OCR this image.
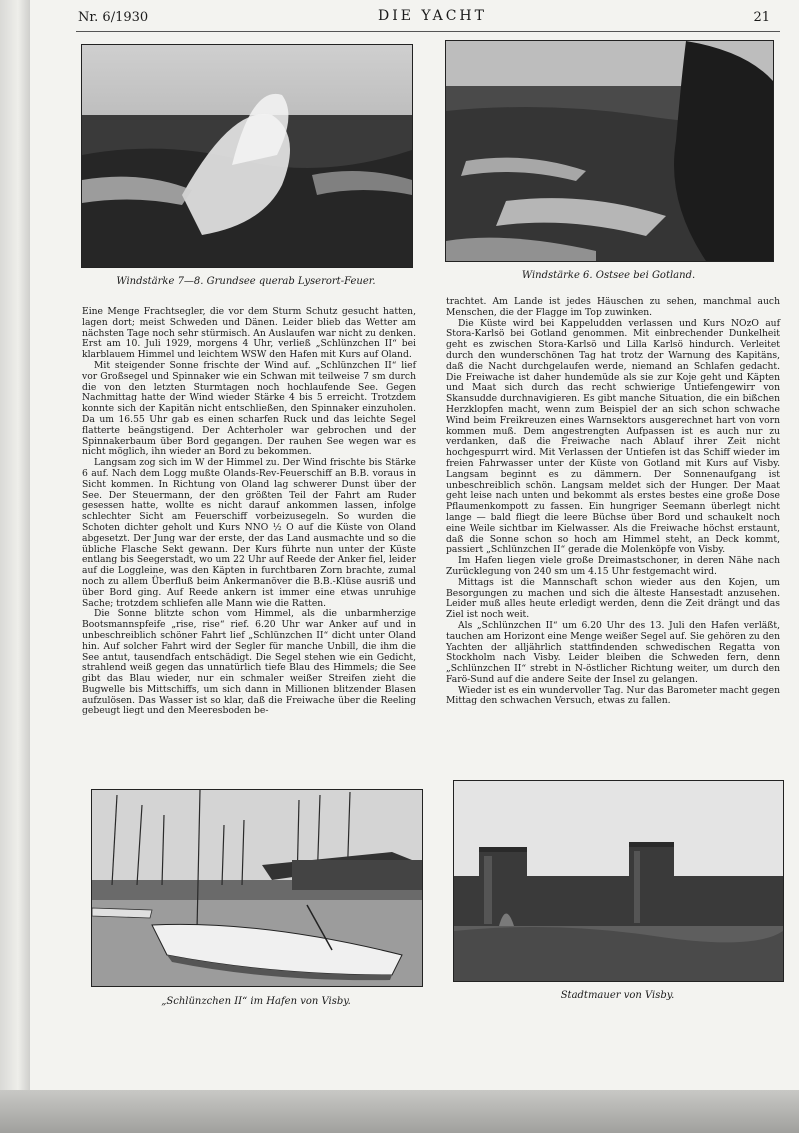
Nr. 6/1930	DIE YACHT	21
Windstärke 7—8. Grundsee querab Lyserort-Feuer.
Windstärke 6. Ostsee bei Gotland.

Eine Menge Frachtsegler, die vor dem Sturm Schutz gesucht hatten, lagen dort; meist Schweden und Dänen. Leider blieb das Wetter am nächsten Tage noch sehr stürmisch. An Auslaufen war nicht zu denken. Erst am 10. Juli 1929, morgens 4 Uhr, verließ „Schlünzchen II“ bei klarblauem Himmel und leichtem WSW den Hafen mit Kurs auf Oland.

Mit steigender Sonne frischte der Wind auf. „Schlünzchen II“ lief vor Großsegel und Spinnaker wie ein Schwan mit teilweise 7 sm durch die von den letzten Sturmtagen noch hochlaufende See. Gegen Nachmittag hatte der Wind wieder Stärke 4 bis 5 erreicht. Trotzdem konnte sich der Kapitän nicht entschließen, den Spinnaker einzuholen. Da um 16.55 Uhr gab es einen scharfen Ruck und das leichte Segel flatterte beängstigend. Der Achterholer war gebrochen und der Spinnakerbaum über Bord gegangen. Der rauhen See wegen war es nicht möglich, ihn wieder an Bord zu bekommen.

Langsam zog sich im W der Himmel zu. Der Wind frischte bis Stärke 6 auf. Nach dem Logg mußte Olands-Rev-Feuerschiff an B.B. voraus in Sicht kommen. In Richtung von Oland lag schwerer Dunst über der See. Der Steuermann, der den größten Teil der Fahrt am Ruder gesessen hatte, wollte es nicht darauf ankommen lassen, infolge schlechter Sicht am Feuerschiff vorbeizusegeln. So wurden die Schoten dichter geholt und Kurs NNO ½ O auf die Küste von Oland abgesetzt. Der Jung war der erste, der das Land ausmachte und so die übliche Flasche Sekt gewann. Der Kurs führte nun unter der Küste entlang bis Seegerstadt, wo um 22 Uhr auf Reede der Anker fiel, leider auf die Loggleine, was den Käpten in furchtbaren Zorn brachte, zumal noch zu allem Überfluß beim Ankermanöver die B.B.-Klüse ausriß und über Bord ging. Auf Reede ankern ist immer eine etwas unruhige Sache; trotzdem schliefen alle Mann wie die Ratten.

Die Sonne blitzte schon vom Himmel, als die unbarmherzige Bootsmannspfeife „rise, rise“ rief. 6.20 Uhr war Anker auf und in unbeschreiblich schöner Fahrt lief „Schlünzchen II“ dicht unter Oland hin. Auf solcher Fahrt wird der Segler für manche Unbill, die ihm die See antut, tausendfach entschädigt. Die Segel stehen wie ein Gedicht, strahlend weiß gegen das unnatürlich tiefe Blau des Himmels; die See gibt das Blau wieder, nur ein schmaler weißer Streifen zieht die Bugwelle bis Mittschiffs, um sich dann in Millionen blitzender Blasen aufzulösen. Das Wasser ist so klar, daß die Freiwache über die Reeling gebeugt liegt und den Meeresboden be-

trachtet. Am Lande ist jedes Häuschen zu sehen, manchmal auch Menschen, die der Flagge im Top zuwinken.

Die Küste wird bei Kappeludden verlassen und Kurs NOzO auf Stora-Karlsö bei Gotland genommen. Mit einbrechender Dunkelheit geht es zwischen Stora-Karlsö und Lilla Karlsö hindurch. Verleitet durch den wunderschönen Tag hat trotz der Warnung des Kapitäns, daß die Nacht durchgelaufen werde, niemand an Schlafen gedacht. Die Freiwache ist daher hundemüde als sie zur Koje geht und Käpten und Maat sich durch das recht schwierige Untiefengewirr von Skansudde durchnavigieren. Es gibt manche Situation, die ein bißchen Herzklopfen macht, wenn zum Beispiel der an sich schon schwache Wind beim Freikreuzen eines Warnsektors ausgerechnet hart von vorn kommen muß. Dem angestrengten Aufpassen ist es auch nur zu verdanken, daß die Freiwache nach Ablauf ihrer Zeit nicht hochgespurrt wird. Mit Verlassen der Untiefen ist das Schiff wieder im freien Fahrwasser unter der Küste von Gotland mit Kurs auf Visby. Langsam beginnt es zu dämmern. Der Sonnenaufgang ist unbeschreiblich schön. Langsam meldet sich der Hunger. Der Maat geht leise nach unten und bekommt als erstes bestes eine große Dose Pflaumenkompott zu fassen. Ein hungriger Seemann überlegt nicht lange — bald fliegt die leere Büchse über Bord und schaukelt noch eine Weile sichtbar im Kielwasser. Als die Freiwache höchst erstaunt, daß die Sonne schon so hoch am Himmel steht, an Deck kommt, passiert „Schlünzchen II“ gerade die Molenköpfe von Visby.

Im Hafen liegen viele große Dreimastschoner, in deren Nähe nach Zurücklegung von 240 sm um 4.15 Uhr festgemacht wird.

Mittags ist die Mannschaft schon wieder aus den Kojen, um Besorgungen zu machen und sich die älteste Hansestadt anzusehen. Leider muß alles heute erledigt werden, denn die Zeit drängt und das Ziel ist noch weit.

Als „Schlünzchen II“ um 6.20 Uhr des 13. Juli den Hafen verläßt, tauchen am Horizont eine Menge weißer Segel auf. Sie gehören zu den Yachten der alljährlich stattfindenden schwedischen Regatta von Stockholm nach Visby. Leider bleiben die Schweden fern, denn „Schlünzchen II“ strebt in N-östlicher Richtung weiter, um durch den Farö-Sund auf die andere Seite der Insel zu gelangen.

Wieder ist es ein wundervoller Tag. Nur das Barometer macht gegen Mittag den schwachen Versuch, etwas zu fallen.

„Schlünzchen II“ im Hafen von Visby.
Stadtmauer von Visby.
